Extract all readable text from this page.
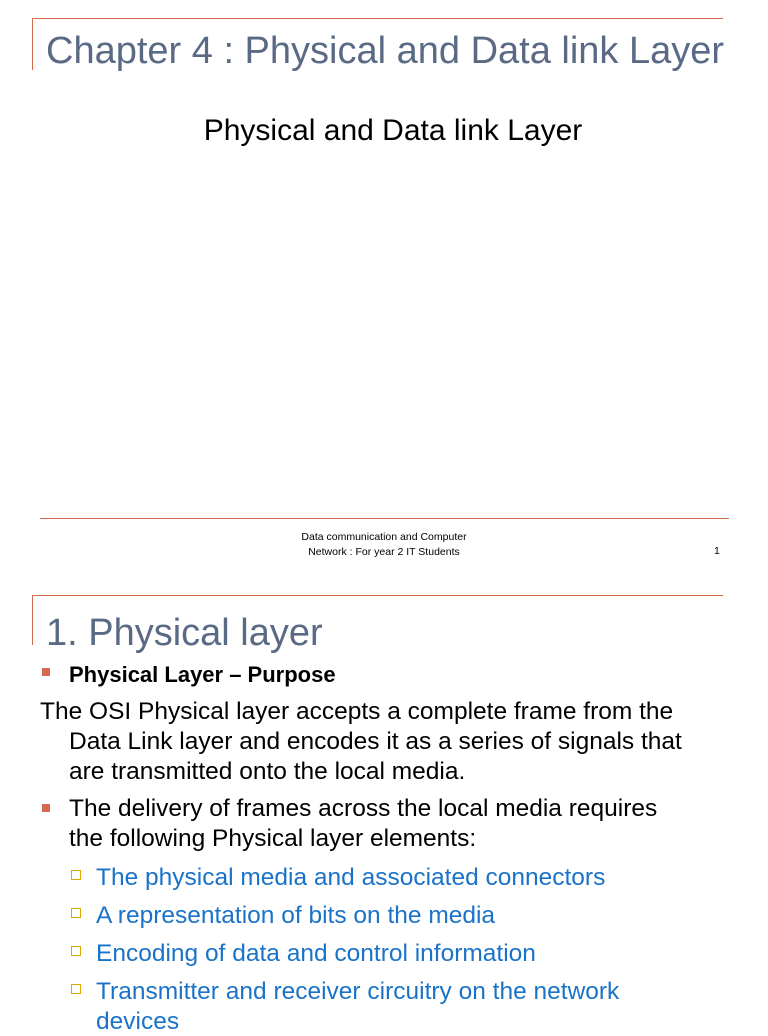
Chapter 4 : Physical and Data link Layer
Physical and Data link Layer
Data communication and Computer
Network : For year 2 IT Students	1
1. Physical layer
Physical Layer – Purpose
The OSI Physical layer accepts a complete frame from the
Data Link layer and encodes it as a series of signals that
are transmitted onto the local media.
The delivery of frames across the local media requires
the following Physical layer elements:
The physical media and associated connectors
A representation of bits on the media
Encoding of data and control information
Transmitter and receiver circuitry on the network
devices
